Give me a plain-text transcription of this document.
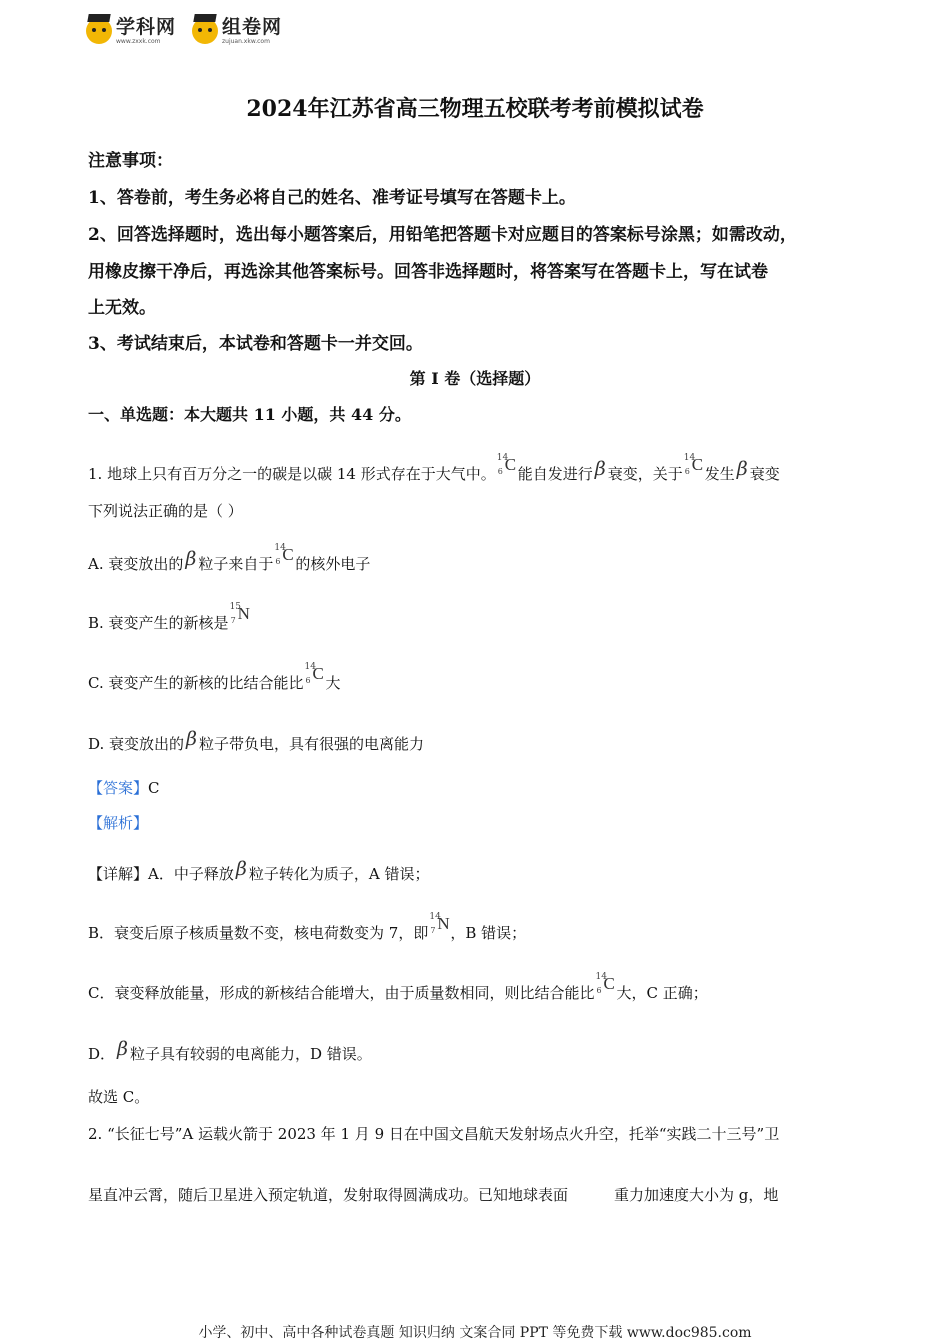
学科网
www.zxxk.com
组卷网
zujuan.xkw.com
2024年江苏省高三物理五校联考考前模拟试卷
注意事项：
1、答卷前，考生务必将自己的姓名、准考证号填写在答题卡上。
2、回答选择题时，选出每小题答案后，用铅笔把答题卡对应题目的答案标号涂黑；如需改动，
用橡皮擦干净后，再选涂其他答案标号。回答非选择题时，将答案写在答题卡上，写在试卷
上无效。
3、考试结束后，本试卷和答题卡一并交回。
第 I 卷（选择题）
一、单选题：本大题共 11 小题，共 44 分。
1. 地球上只有百万分之一的碳是以碳 14 形式存在于大气中。
14
6 C 能自发进行 β 衰变，关于
14
6 C 发生 β 衰变
下列说法正确的是（ ）
A. 衰变放出的 β 粒子来自于
14
6 C 的核外电子
B. 衰变产生的新核是
15
7 N
C. 衰变产生的新核的比结合能比
14
6 C 大
D. 衰变放出的 β 粒子带负电，具有很强的电离能力
【答案】C
【解析】
【详解】A．中子释放 β 粒子转化为质子，A 错误；
B．衰变后原子核质量数不变，核电荷数变为 7，即
14
7 N ，B 错误；
C．衰变释放能量，形成的新核结合能增大，由于质量数相同，则比结合能比
14
6 C 大，C 正确；
D． β 粒子具有较弱的电离能力，D 错误。
故选 C。
2. “长征七号”A 运载火箭于 2023 年 1 月 9 日在中国文昌航天发射场点火升空，托举“实践二十三号”卫
星直冲云霄，随后卫星进入预定轨道，发射取得圆满成功。已知地球表面	重力加速度大小为 g，地
小学、初中、高中各种试卷真题 知识归纳 文案合同 PPT 等免费下载 www.doc985.com
